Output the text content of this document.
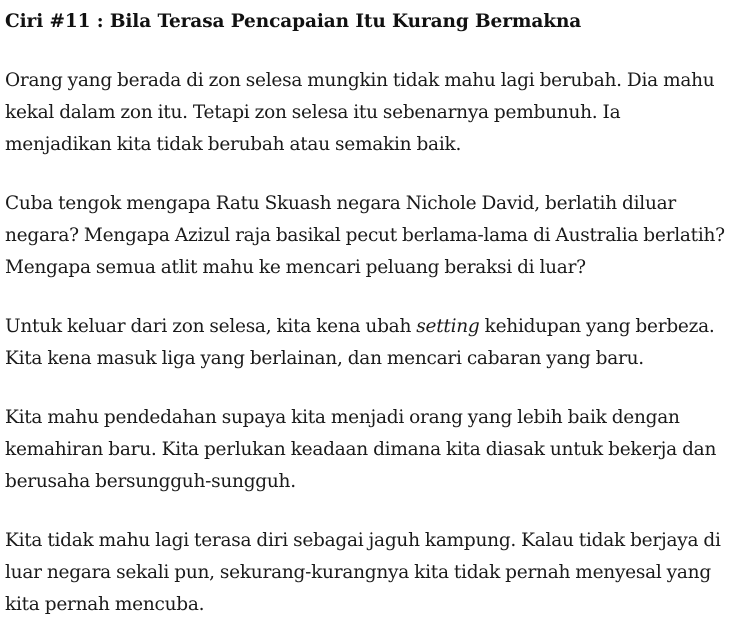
Ciri #11 : Bila Terasa Pencapaian Itu Kurang Bermakna

Orang yang berada di zon selesa mungkin tidak mahu lagi berubah. Dia mahu kekal dalam zon itu. Tetapi zon selesa itu sebenarnya pembunuh. Ia menjadikan kita tidak berubah atau semakin baik.

Cuba tengok mengapa Ratu Skuash negara Nichole David, berlatih diluar negara? Mengapa Azizul raja basikal pecut berlama-lama di Australia berlatih? Mengapa semua atlit mahu ke mencari peluang beraksi di luar?

Untuk keluar dari zon selesa, kita kena ubah setting kehidupan yang berbeza. Kita kena masuk liga yang berlainan, dan mencari cabaran yang baru.

Kita mahu pendedahan supaya kita menjadi orang yang lebih baik dengan kemahiran baru. Kita perlukan keadaan dimana kita diasak untuk bekerja dan berusaha bersungguh-sungguh.

Kita tidak mahu lagi terasa diri sebagai jaguh kampung. Kalau tidak berjaya di luar negara sekali pun, sekurang-kurangnya kita tidak pernah menyesal yang kita pernah mencuba.
